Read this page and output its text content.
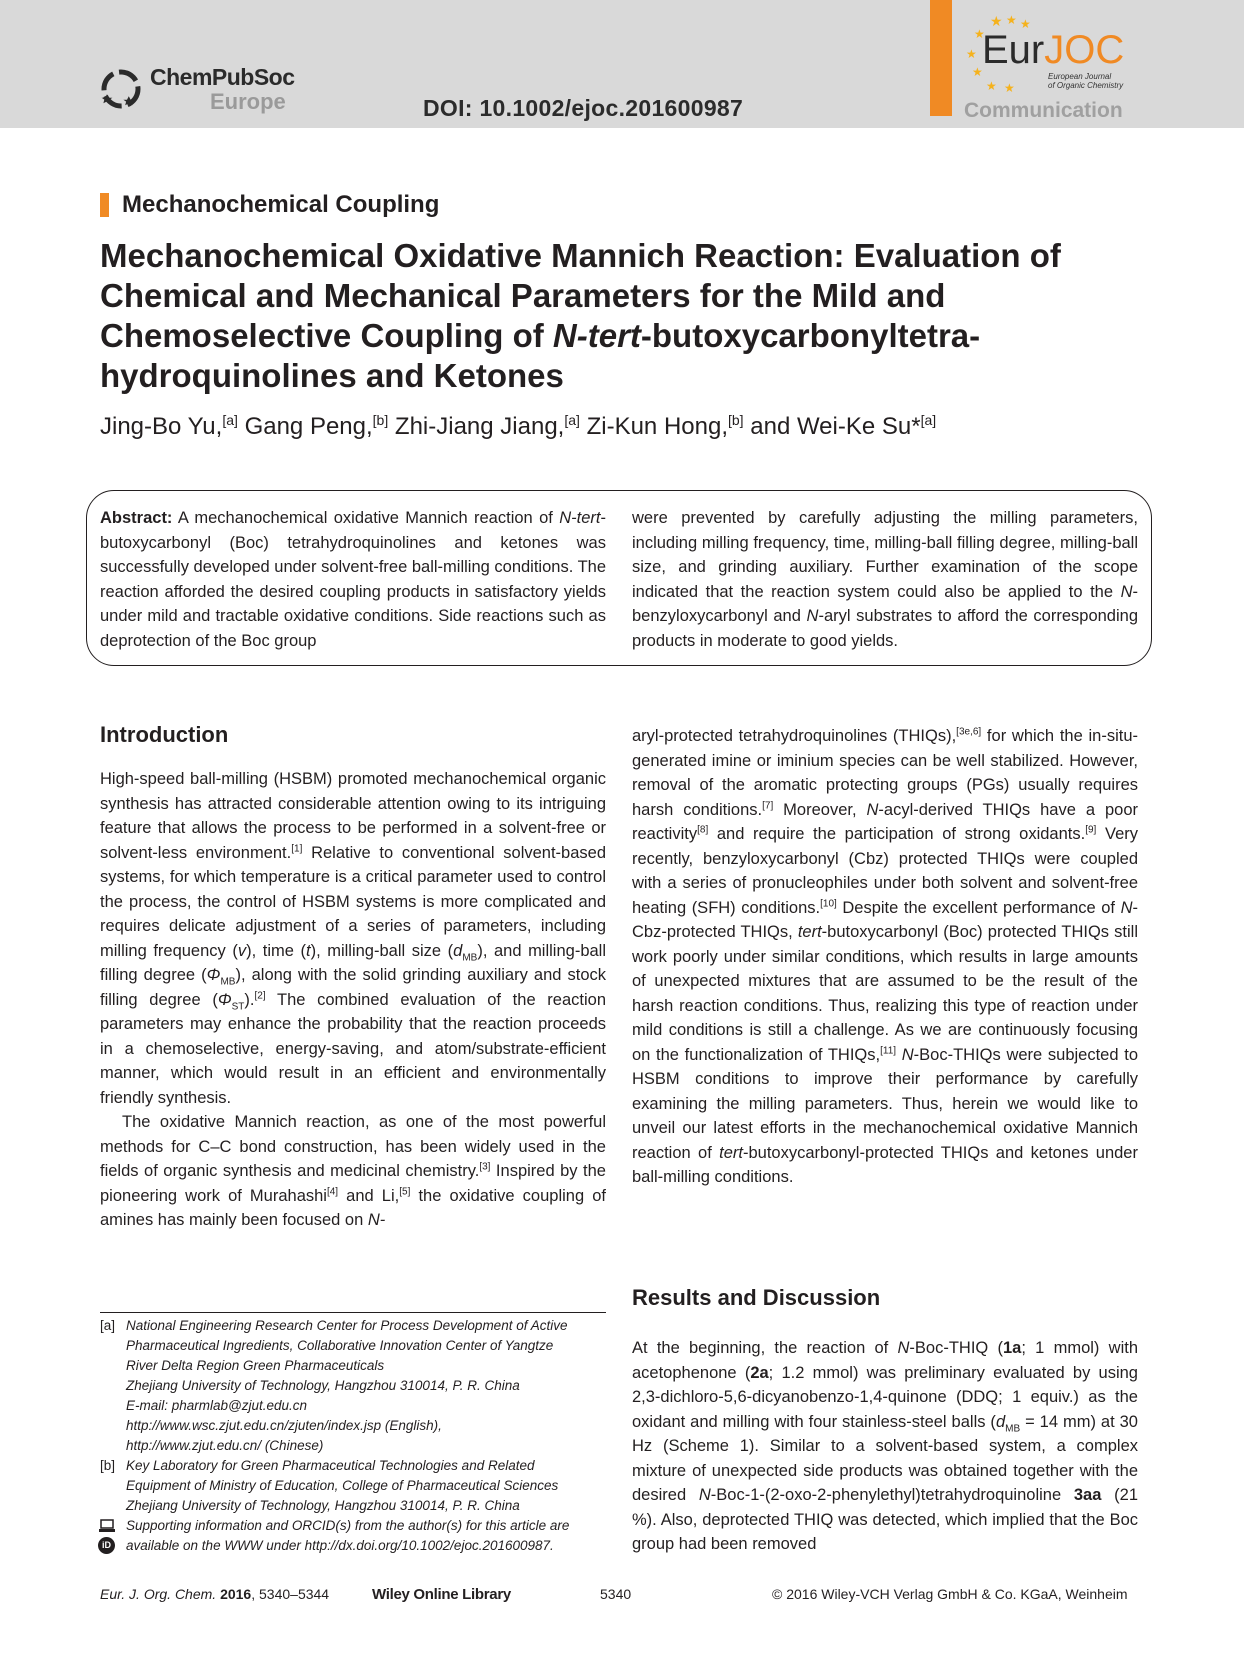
ChemPubSoc
Europe	DOI: 10.1002/ejoc.201600987
★ ★ ★
★
★
★
★ ★
EurJOC
European Journal
of Organic Chemistry
Communication
Mechanochemical Coupling
Mechanochemical Oxidative Mannich Reaction: Evaluation of
Chemical and Mechanical Parameters for the Mild and
Chemoselective Coupling of N-tert-butoxycarbonyltetra-
hydroquinolines and Ketones
Jing-Bo Yu,[a] Gang Peng,[b] Zhi-Jiang Jiang,[a] Zi-Kun Hong,[b] and Wei-Ke Su*[a]
Abstract: A mechanochemical oxidative Mannich reaction of N-tert-butoxycarbonyl (Boc) tetrahydroquinolines and ketones was successfully developed under solvent-free ball-milling conditions. The reaction afforded the desired coupling products in satisfactory yields under mild and tractable oxidative conditions. Side reactions such as deprotection of the Boc group
were prevented by carefully adjusting the milling parameters, including milling frequency, time, milling-ball filling degree, milling-ball size, and grinding auxiliary. Further examination of the scope indicated that the reaction system could also be applied to the N-benzyloxycarbonyl and N-aryl substrates to afford the corresponding products in moderate to good yields.
Introduction

High-speed ball-milling (HSBM) promoted mechanochemical organic synthesis has attracted considerable attention owing to its intriguing feature that allows the process to be performed in a solvent-free or solvent-less environment.[1] Relative to conventional solvent-based systems, for which temperature is a critical parameter used to control the process, the control of HSBM systems is more complicated and requires delicate adjustment of a series of parameters, including milling frequency (v), time (t), milling-ball size $(d_{MB})$, and milling-ball filling degree $(\Phi_{MB})$, along with the solid grinding auxiliary and stock filling degree $(\Phi_{ST}).[2]$ The combined evaluation of the reaction parameters may enhance the probability that the reaction proceeds in a chemoselective, energy-saving, and atom/substrate-efficient manner, which would result in an efficient and environmentally friendly synthesis.

The oxidative Mannich reaction, as one of the most powerful methods for C–C bond construction, has been widely used in the fields of organic synthesis and medicinal chemistry.[3] Inspired by the pioneering work of Murahashi[4] and Li,[5] the oxidative coupling of amines has mainly been focused on N-

aryl-protected tetrahydroquinolines (THIQs),[3e,6] for which the in-situ-generated imine or iminium species can be well stabilized. However, removal of the aromatic protecting groups (PGs) usually requires harsh conditions.[7] Moreover, N-acyl-derived THIQs have a poor reactivity[8] and require the participation of strong oxidants.[9] Very recently, benzyloxycarbonyl (Cbz) protected THIQs were coupled with a series of pronucleophiles under both solvent and solvent-free heating (SFH) conditions.[10] Despite the excellent performance of N-Cbz-protected THIQs, tert-butoxycarbonyl (Boc) protected THIQs still work poorly under similar conditions, which results in large amounts of unexpected mixtures that are assumed to be the result of the harsh reaction conditions. Thus, realizing this type of reaction under mild conditions is still a challenge. As we are continuously focusing on the functionalization of THIQs,[11] N-Boc-THIQs were subjected to HSBM conditions to improve their performance by carefully examining the milling parameters. Thus, herein we would like to unveil our latest efforts in the mechanochemical oxidative Mannich reaction of tert-butoxycarbonyl-protected THIQs and ketones under ball-milling conditions.

Results and Discussion

At the beginning, the reaction of N-Boc-THIQ (1a; 1 mmol) with acetophenone (2a; 1.2 mmol) was preliminary evaluated by using 2,3-dichloro-5,6-dicyanobenzo-1,4-quinone (DDQ; 1 equiv.) as the oxidant and milling with four stainless-steel balls ($d_{MB} = 14$ mm) at 30 Hz (Scheme 1). Similar to a solvent-based system, a complex mixture of unexpected side products was obtained together with the desired N-Boc-1-(2-oxo-2-phenylethyl)tetrahydroquinoline 3aa (21 %). Also, deprotected THIQ was detected, which implied that the Boc group had been removed

[a] National Engineering Research Center for Process Development of Active
Pharmaceutical Ingredients, Collaborative Innovation Center of Yangtze
River Delta Region Green Pharmaceuticals
Zhejiang University of Technology, Hangzhou 310014, P. R. China
E-mail: pharmlab@zjut.edu.cn
http://www.wsc.zjut.edu.cn/zjuten/index.jsp (English),
http://www.zjut.edu.cn/ (Chinese)
[b] Key Laboratory for Green Pharmaceutical Technologies and Related
Equipment of Ministry of Education, College of Pharmaceutical Sciences
Zhejiang University of Technology, Hangzhou 310014, P. R. China
iD
Supporting information and ORCID(s) from the author(s) for this article are
available on the WWW under http://dx.doi.org/10.1002/ejoc.201600987.
Eur. J. Org. Chem. 2016, 5340–5344	Wiley Online Library	5340	© 2016 Wiley-VCH Verlag GmbH & Co. KGaA, Weinheim
